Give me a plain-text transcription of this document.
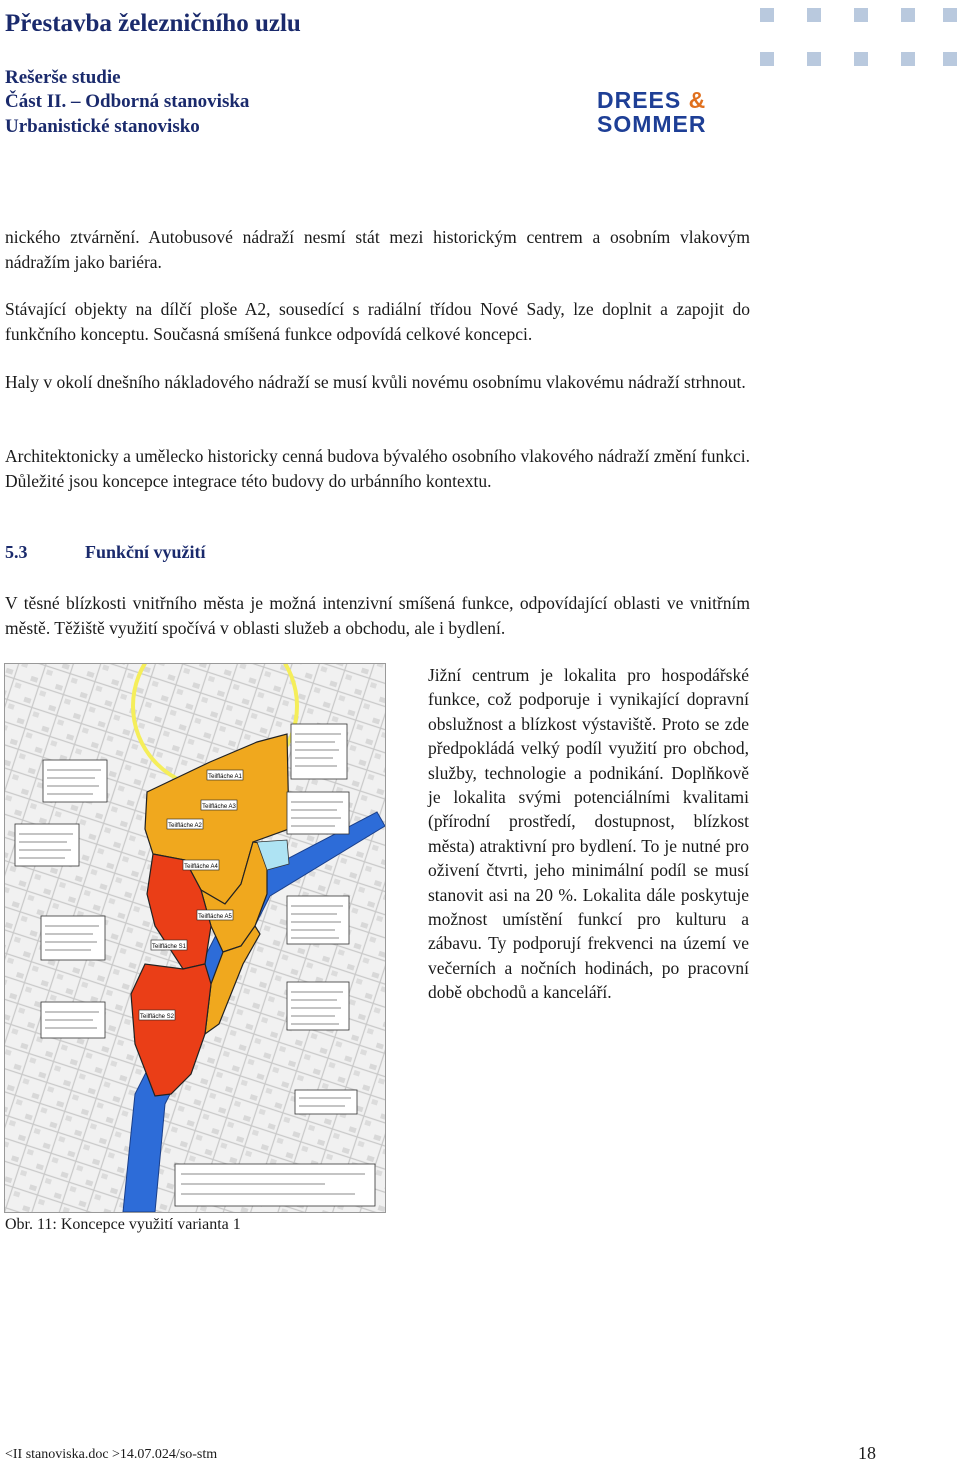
Přestavba železničního uzlu
Rešerše studie
Část II. – Odborná stanoviska
Urbanistické stanovisko
DREES &
SOMMER

nického ztvárnění. Autobusové nádraží nesmí stát mezi historickým centrem a osobním vlakovým nádražím jako bariéra.

Stávající objekty na dílčí ploše A2, sousedící s radiální třídou Nové Sady, lze doplnit a zapojit do funkčního konceptu. Současná smíšená funkce odpovídá celkové koncepci.

Haly v okolí dnešního nákladového nádraží se musí kvůli novému osobnímu vlakovému nádraží strhnout.

Architektonicky a umělecko historicky cenná budova bývalého osobního vlakového nádraží změní funkci. Důležité jsou koncepce integrace této budovy do urbánního kontextu.

5.3	Funkční využití

V těsné blízkosti vnitřního města je možná intenzivní smíšená funkce, odpovídající oblasti ve vnitřním městě. Těžiště využití spočívá v oblasti služeb a obchodu, ale i bydlení.

Teilfläche A1
Teilfläche A2
Teilfläche A3
Teilfläche A4
Teilfläche A5
Teilfläche S1
Teilfläche S2

Jižní centrum je lokalita pro hospodářské funkce, což podporuje i vynikající dopravní obslužnost a blízkost výstaviště. Proto se zde předpokládá velký podíl využití pro obchod, služby, technologie a podnikání. Doplňkově je lokalita svými potenciálními kvalitami (přírodní prostředí, dostupnost, blízkost města) atraktivní pro bydlení. To je nutné pro oživení čtvrti, jeho minimální podíl se musí stanovit asi na 20 %. Lokalita dále poskytuje možnost umístění funkcí pro kulturu a zábavu. Ty podporují frekvenci na území ve večerních a nočních hodinách, po pracovní době obchodů a kanceláří.

Obr. 11: Koncepce využití varianta 1
<II stanoviska.doc >14.07.024/so-stm	18
